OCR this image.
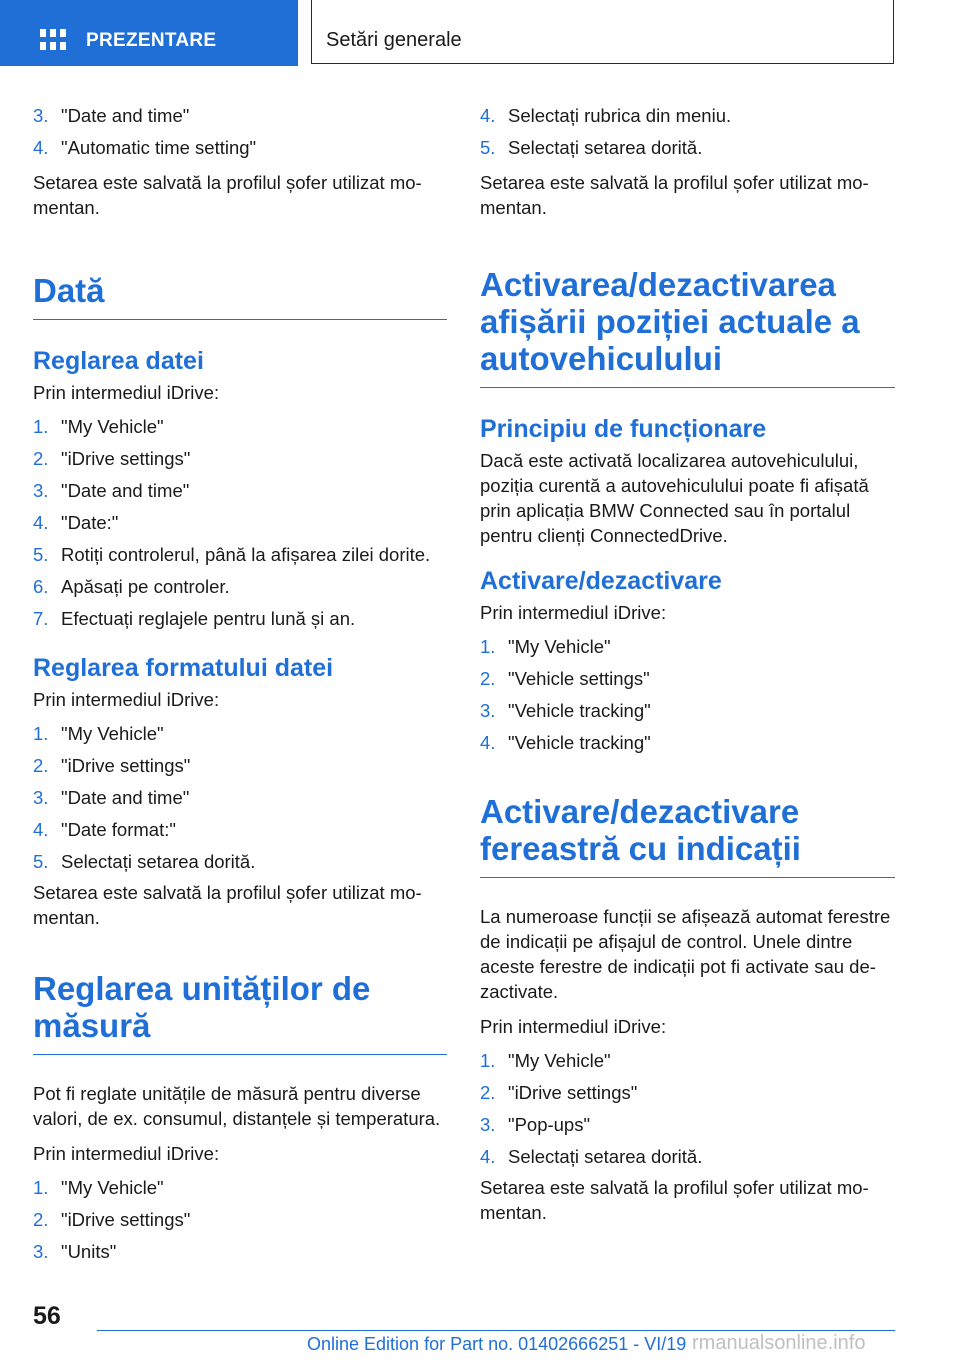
PREZENTARE	Setări generale
3. "Date and time"
4. "Automatic time setting"

Setarea este salvată la profilul șofer utilizat momentan.

Dată
Reglarea datei

Prin intermediul iDrive:

1. "My Vehicle"
2. "iDrive settings"
3. "Date and time"
4. "Date:"
5. Rotiți controlerul, până la afișarea zilei dorite.
6. Apăsați pe controler.
7. Efectuați reglajele pentru lună și an.
Reglarea formatului datei

Prin intermediul iDrive:

1. "My Vehicle"
2. "iDrive settings"
3. "Date and time"
4. "Date format:"
5. Selectați setarea dorită.

Setarea este salvată la profilul șofer utilizat momentan.

Reglarea unităților de măsură

Pot fi reglate unitățile de măsură pentru diverse valori, de ex. consumul, distanțele și temperatura.

Prin intermediul iDrive:

1. "My Vehicle"
2. "iDrive settings"
3. "Units"
4. Selectați rubrica din meniu.
5. Selectați setarea dorită.

Setarea este salvată la profilul șofer utilizat momentan.

Activarea/dezactivarea afișării poziției actuale a autovehiculului
Principiu de funcționare

Dacă este activată localizarea autovehiculului, poziția curentă a autovehiculului poate fi afișată prin aplicația BMW Connected sau în portalul pentru clienți ConnectedDrive.

Activare/dezactivare

Prin intermediul iDrive:

1. "My Vehicle"
2. "Vehicle settings"
3. "Vehicle tracking"
4. "Vehicle tracking"
Activare/dezactivare fereastră cu indicații

La numeroase funcții se afișează automat ferestre de indicații pe afișajul de control. Unele dintre aceste ferestre de indicații pot fi activate sau dezactivate.

Prin intermediul iDrive:

1. "My Vehicle"
2. "iDrive settings"
3. "Pop-ups"
4. Selectați setarea dorită.

Setarea este salvată la profilul șofer utilizat momentan.

56
Online Edition for Part no. 01402666251 - VI/19 rmanualsonline.info
